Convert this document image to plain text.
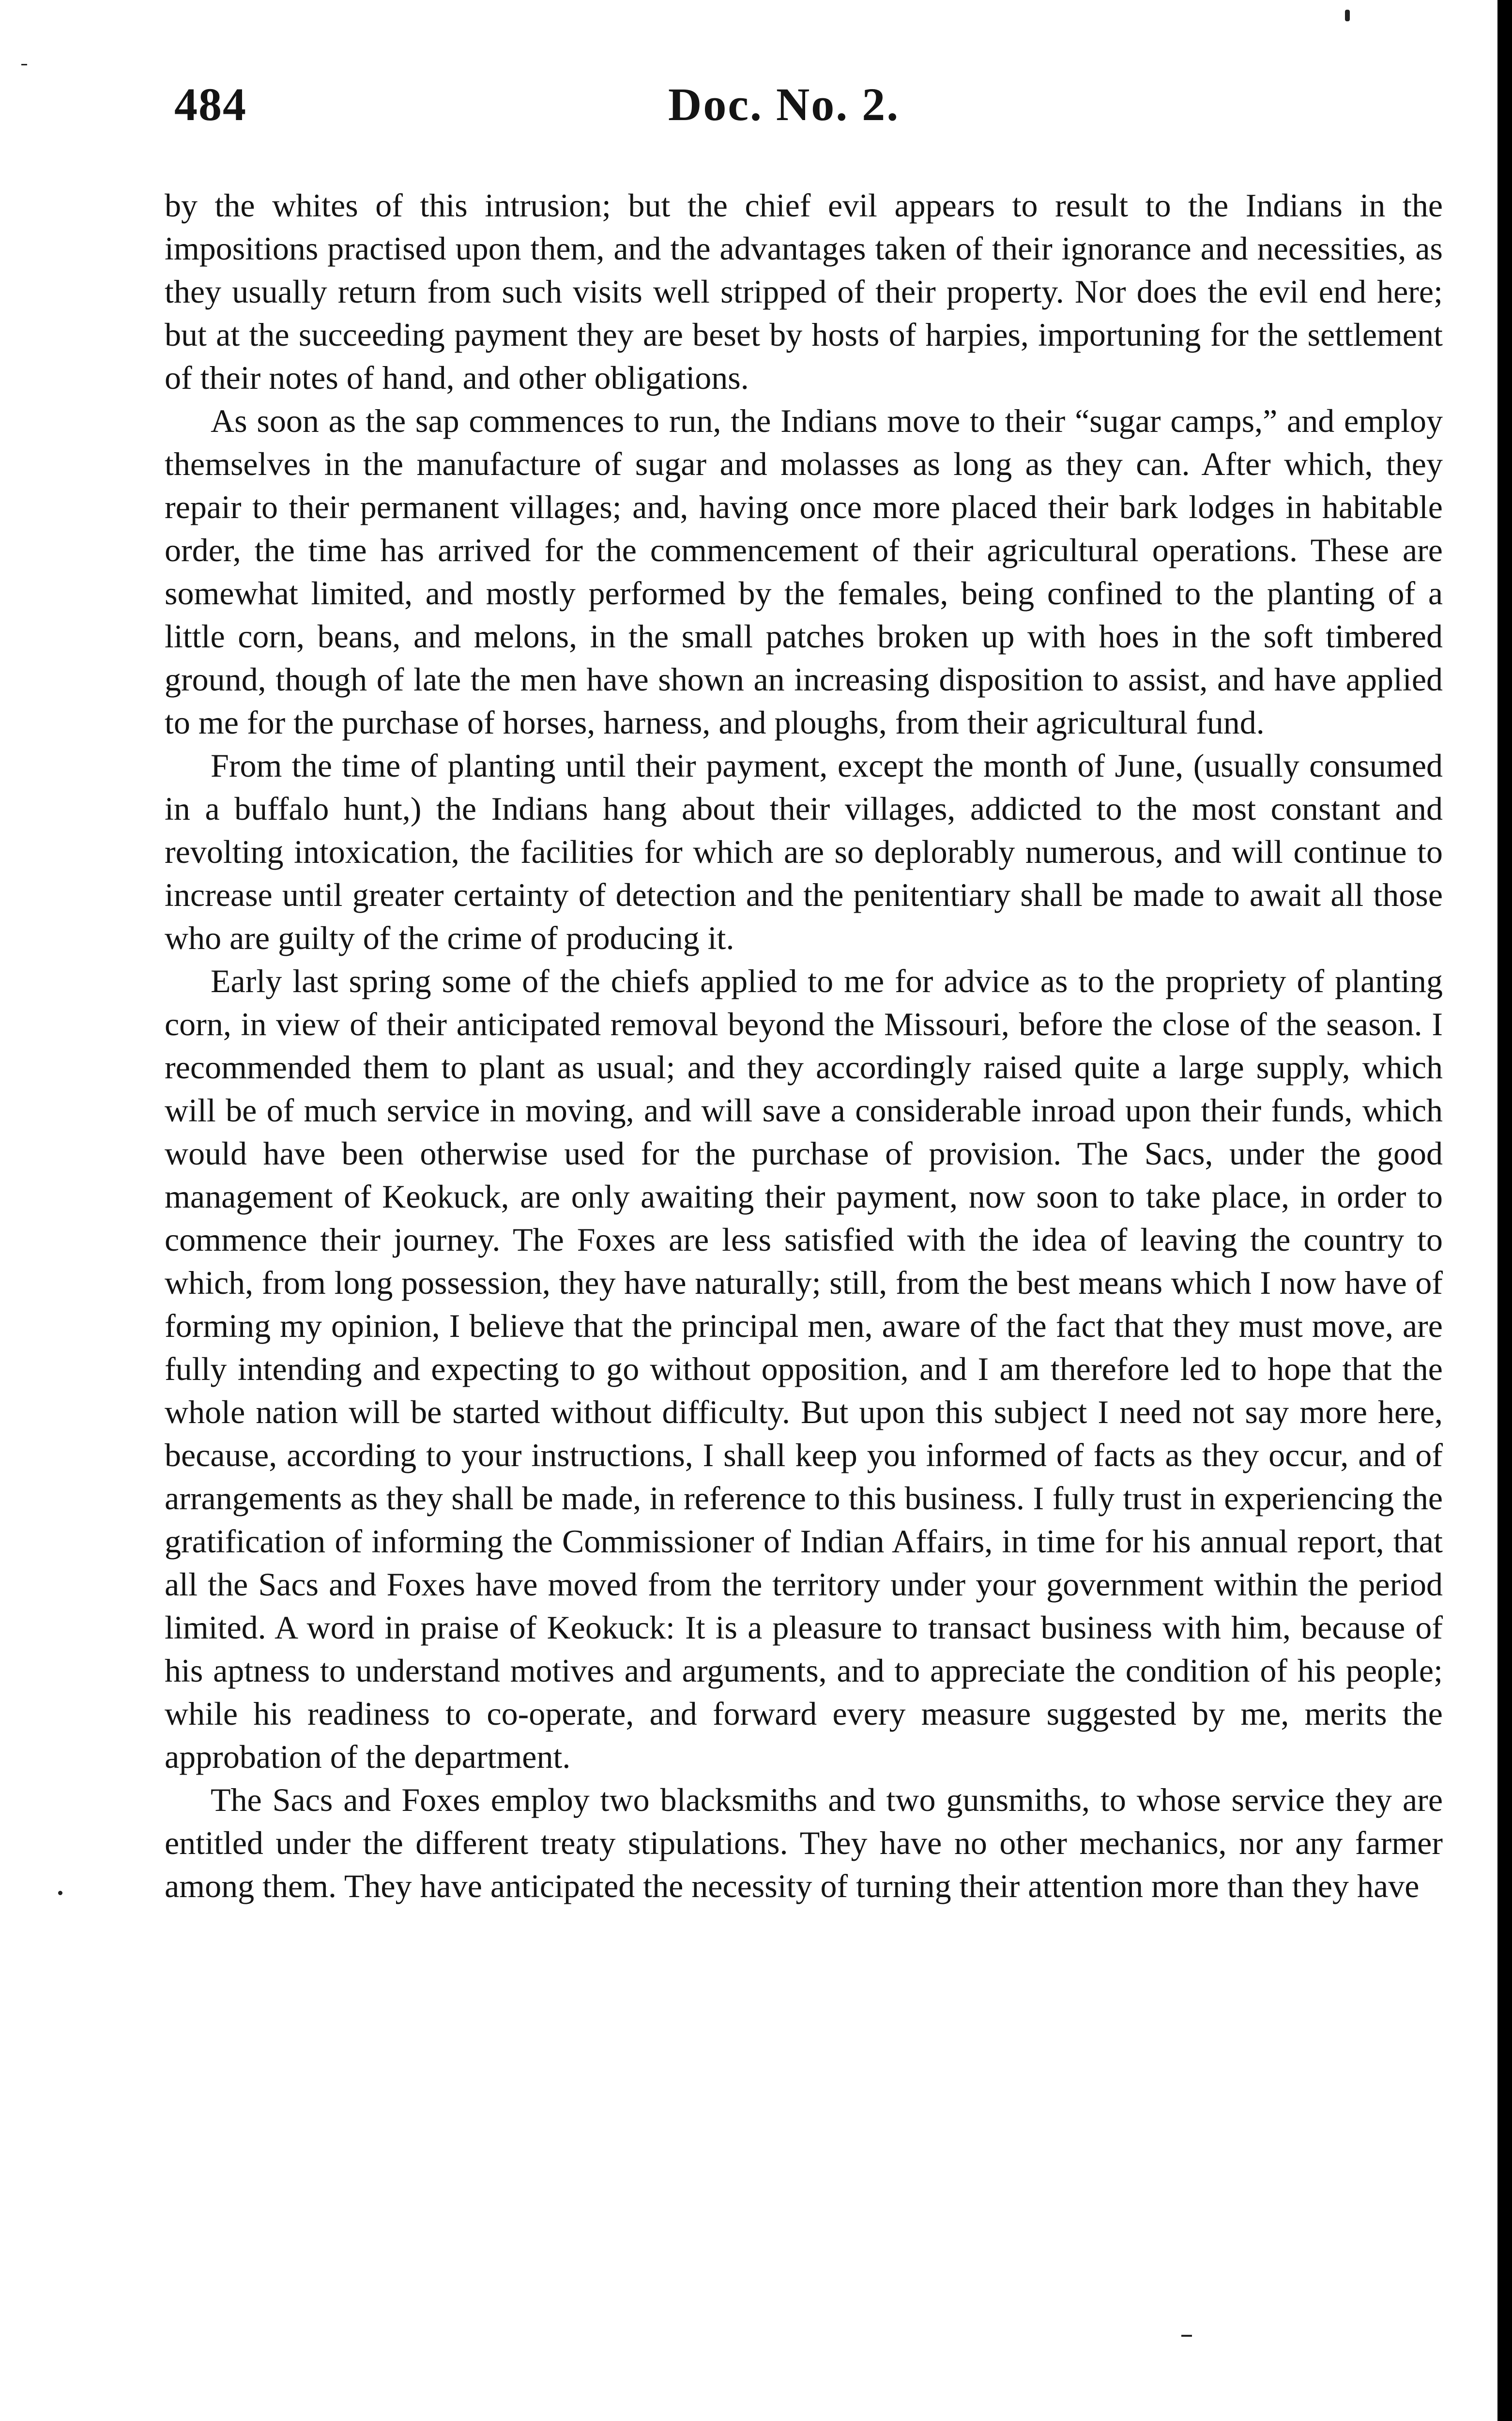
484	Doc. No. 2.

by the whites of this intrusion; but the chief evil appears to result to the Indians in the impositions practised upon them, and the advantages taken of their ignorance and necessities, as they usually return from such visits well stripped of their property. Nor does the evil end here; but at the succeeding payment they are beset by hosts of harpies, importuning for the settlement of their notes of hand, and other obligations.

As soon as the sap commences to run, the Indians move to their “sugar camps,” and employ themselves in the manufacture of sugar and molasses as long as they can. After which, they repair to their permanent villages; and, having once more placed their bark lodges in habitable order, the time has arrived for the commencement of their agricultural operations. These are somewhat limited, and mostly performed by the females, being confined to the planting of a little corn, beans, and melons, in the small patches broken up with hoes in the soft timbered ground, though of late the men have shown an increasing disposition to assist, and have applied to me for the purchase of horses, harness, and ploughs, from their agricultural fund.

From the time of planting until their payment, except the month of June, (usually consumed in a buffalo hunt,) the Indians hang about their villages, addicted to the most constant and revolting intoxication, the facilities for which are so deplorably numerous, and will continue to increase until greater certainty of detection and the penitentiary shall be made to await all those who are guilty of the crime of producing it.

Early last spring some of the chiefs applied to me for advice as to the propriety of planting corn, in view of their anticipated removal beyond the Missouri, before the close of the season. I recommended them to plant as usual; and they accordingly raised quite a large supply, which will be of much service in moving, and will save a considerable inroad upon their funds, which would have been otherwise used for the purchase of provision. The Sacs, under the good management of Keokuck, are only awaiting their payment, now soon to take place, in order to commence their journey. The Foxes are less satisfied with the idea of leaving the country to which, from long possession, they have naturally; still, from the best means which I now have of forming my opinion, I believe that the principal men, aware of the fact that they must move, are fully intending and expecting to go without opposition, and I am therefore led to hope that the whole nation will be started without difficulty. But upon this subject I need not say more here, because, according to your instructions, I shall keep you informed of facts as they occur, and of arrangements as they shall be made, in reference to this business. I fully trust in experiencing the gratification of informing the Commissioner of Indian Affairs, in time for his annual report, that all the Sacs and Foxes have moved from the territory under your government within the period limited. A word in praise of Keokuck: It is a pleasure to transact business with him, because of his aptness to understand motives and arguments, and to appreciate the condition of his people; while his readiness to co-operate, and forward every measure suggested by me, merits the approbation of the department.

The Sacs and Foxes employ two blacksmiths and two gunsmiths, to whose service they are entitled under the different treaty stipulations. They have no other mechanics, nor any farmer among them. They have anticipated the necessity of turning their attention more than they have
